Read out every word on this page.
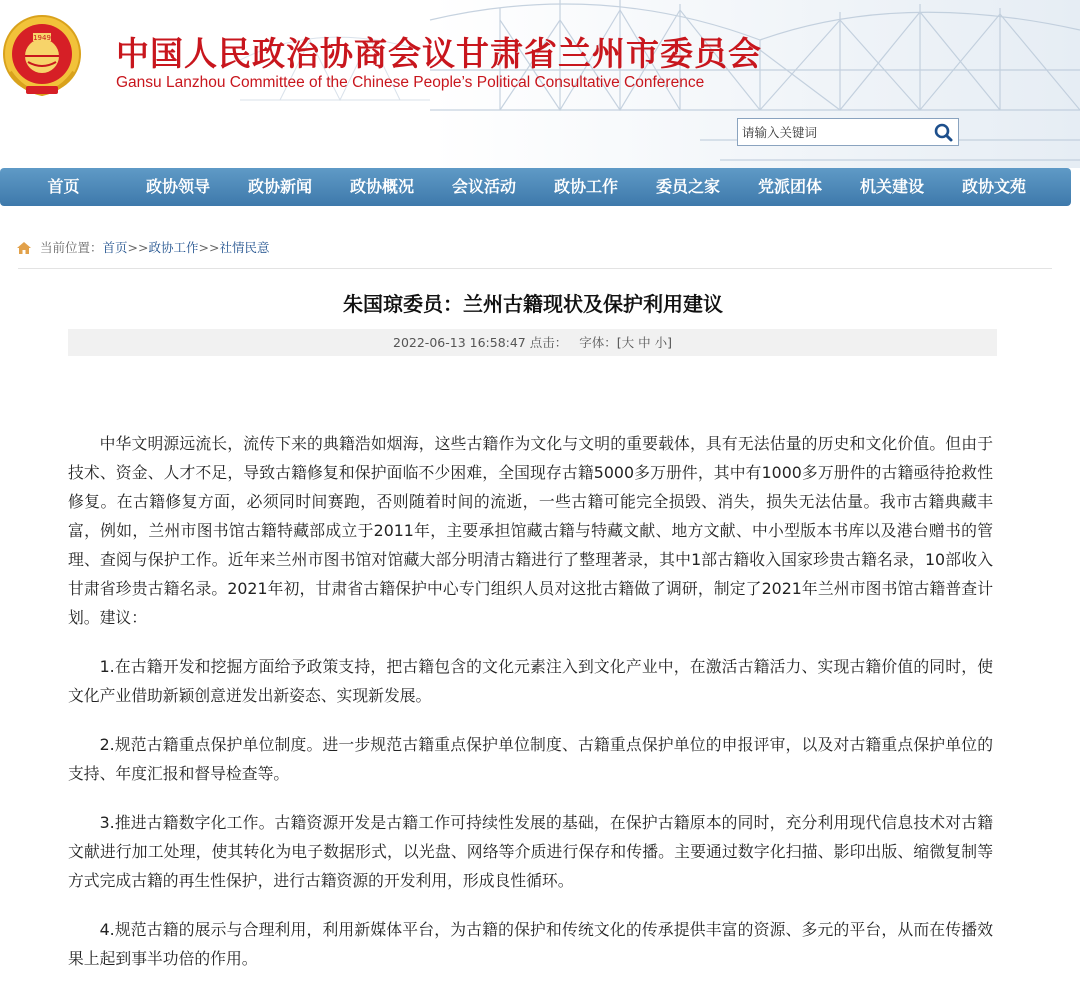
1949 中国人民政治协商会议甘肃省兰州市委员会

Gansu Lanzhou Committee of the Chinese People’s Political Consultative Conference

请输入关键词
首页	政协领导	政协新闻	政协概况	会议活动	政协工作	委员之家	党派团体	机关建设	政协文苑
当前位置： 首页 >> 政协工作 >> 社情民意
朱国琼委员：兰州古籍现状及保护利用建议
2022-06-13 16:58:47 点击： 字体：[大 中 小]

中华文明源远流长，流传下来的典籍浩如烟海，这些古籍作为文化与文明的重要载体，具有无法估量的历史和文化价值。但由于技术、资金、人才不足，导致古籍修复和保护面临不少困难，全国现存古籍5000多万册件，其中有1000多万册件的古籍亟待抢救性修复。在古籍修复方面，必须同时间赛跑，否则随着时间的流逝，一些古籍可能完全损毁、消失，损失无法估量。我市古籍典藏丰富，例如，兰州市图书馆古籍特藏部成立于2011年，主要承担馆藏古籍与特藏文献、地方文献、中小型版本书库以及港台赠书的管理、查阅与保护工作。近年来兰州市图书馆对馆藏大部分明清古籍进行了整理著录，其中1部古籍收入国家珍贵古籍名录，10部收入甘肃省珍贵古籍名录。2021年初，甘肃省古籍保护中心专门组织人员对这批古籍做了调研，制定了2021年兰州市图书馆古籍普查计划。建议：

1.在古籍开发和挖掘方面给予政策支持，把古籍包含的文化元素注入到文化产业中，在激活古籍活力、实现古籍价值的同时，使文化产业借助新颖创意迸发出新姿态、实现新发展。

2.规范古籍重点保护单位制度。进一步规范古籍重点保护单位制度、古籍重点保护单位的申报评审，以及对古籍重点保护单位的支持、年度汇报和督导检查等。

3.推进古籍数字化工作。古籍资源开发是古籍工作可持续性发展的基础，在保护古籍原本的同时，充分利用现代信息技术对古籍文献进行加工处理，使其转化为电子数据形式，以光盘、网络等介质进行保存和传播。主要通过数字化扫描、影印出版、缩微复制等方式完成古籍的再生性保护，进行古籍资源的开发利用，形成良性循环。

4.规范古籍的展示与合理利用，利用新媒体平台，为古籍的保护和传统文化的传承提供丰富的资源、多元的平台，从而在传播效果上起到事半功倍的作用。
